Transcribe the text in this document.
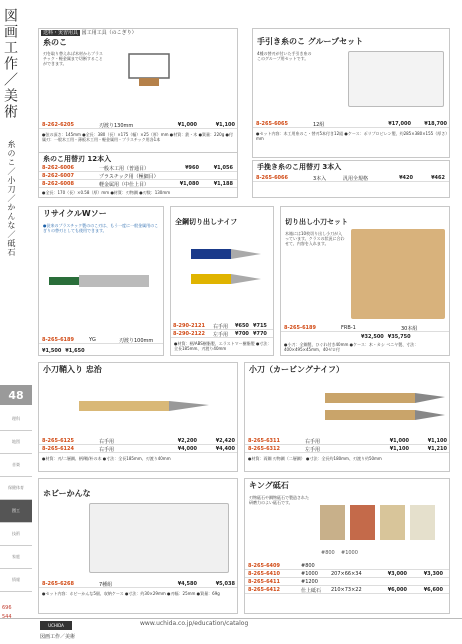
図画工作／美術
糸のこ／小刀／かんな／砥石
48
理科
地図
音楽
保健体育
図工
技術
家庭
情報
696
544
送料・実習用具 図工用工具（のこぎり）
糸のこ
刃を取り替えれば木材からプラスチック・軽金属まで切断することができます。
8-262-6205	刃渡り130mm	¥1,000	¥1,100
●弦の深さ：145mm ●全長：380（長）×175（幅）×25（厚）mm ●材質：鉄・木 ●質量：220g ●付属刃：一般木工用・薄板木工用・軽金属用・プラスチック用各1本
糸のこ用替刃 12本入
8-262-6006	一般木工用（普通目）	¥960	¥1,056
8-262-6007	プラスチック用（極細目）
8-262-6008	軽金属用（中仕上目）	¥1,080	¥1,188
●全長：170（長）×0.58（厚）mm ●材質：刃物鋼 ●刃数：130mm
手引き糸のこ グループセット
4種の替刃が付いた手引き糸のこのグループ用セットです。
8-265-6065	12組	¥17,000	¥18,700
●セット内容：木工用糸のこ・替刃5本付き12組 ●ケース：ポリプロピレン製、約285×380×155（厚さ）mm
手挽き糸のこ用替刃 3本入
8-265-6066	3本入	汎用全規格	¥420	¥462
リサイクルWソー
●従来のプラスチック製ののこ刃は、もう一度に一般金属用のこぎりの替刃としても使用できます。
8-265-6189	YG	刃渡り100mm
¥1,500 ¥1,650
全鋼切り出しナイフ
8-290-2121	右手用	¥650 ¥715
8-290-2122	左手用	¥700 ¥770
●材質：柄/ABS樹脂製、エラストマー樹脂製 ●寸法：全長185mm、刃渡り40mm
切り出し小刀セット
木箱には10枚切り出し小刀が入っています。クラスの状況に合わせて、内容を入れます。
8-265-6189	FRB-1	30本組
¥32,500 ¥35,750
●小刀：全鋼製、ひぐれ付き40mm ●ケース：木・カシ ベニヤ製、寸法：400×495×45mm、40ゼロ付
小刀鞘入り 忠治
8-265-6125	右手用	¥2,200	¥2,420
8-265-6124	右手用	¥4,000	¥4,400
●材質：刃/二層鋼、柄/鞘/朴の木 ●寸法：全長185mm、刃渡り40mm
小刀（カービングナイフ）
8-265-6311	右手用	¥1,000	¥1,100
8-265-6312	左手用	¥1,100	¥1,210
●材質：両鋼 刃物鋼（二層鋼） ●寸法：全長約180mm、刃渡り約50mm
ホビーかんな
8-265-6268	7種組	¥4,580	¥5,038
●セット内容：ホビーかんな5個、収納ケース ●寸法：約30×29mm ●刃幅：25mm ●質量：69g
キング砥石
刃物砥石や鋼物砥石で製造された研磨力のよい砥石です。
#800	#1000
8-265-6409	#800
8-265-6410	#1000	207×66×34	¥3,000	¥3,300
8-265-6411	#1200
8-265-6412	仕上砥石	210×73×22	¥6,000	¥6,600
UCHIDA	www.uchida.co.jp/education/catalog
図画工作／美術
